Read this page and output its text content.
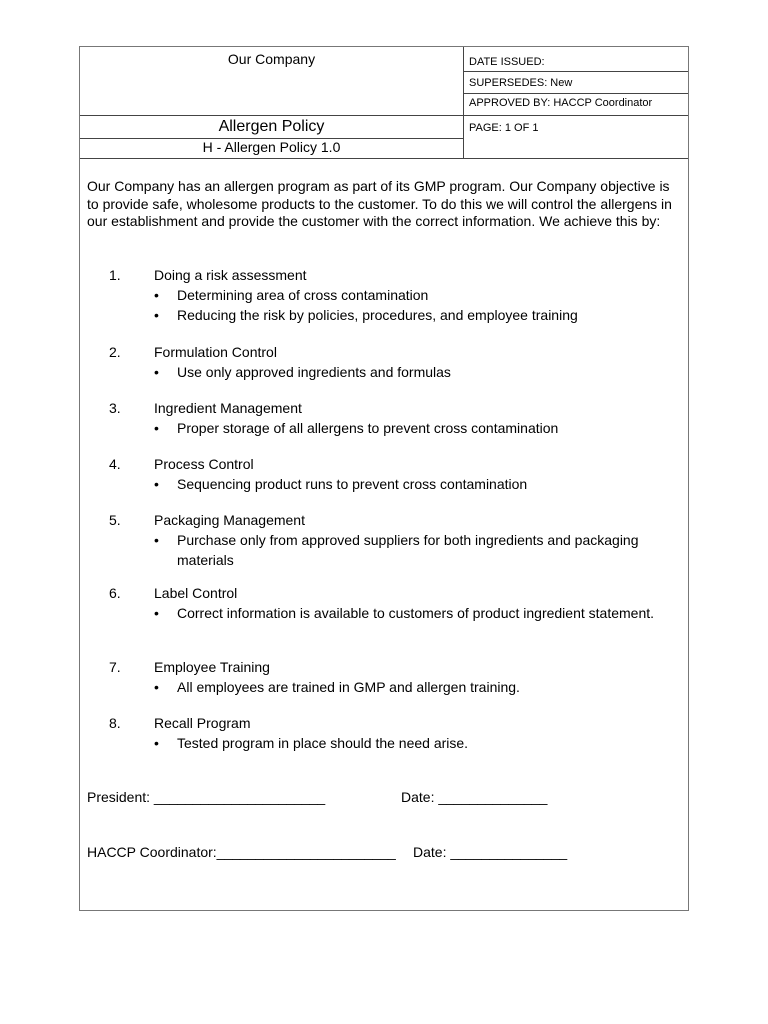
Our Company
Allergen Policy
H - Allergen Policy 1.0
DATE ISSUED:
SUPERSEDES: New
APPROVED BY: HACCP Coordinator
PAGE: 1 OF 1
Our Company has an allergen program as part of its GMP program. Our Company objective is to provide safe, wholesome products to the customer. To do this we will control the allergens in our establishment and provide the customer with the correct information. We achieve this by:
1. Doing a risk assessment
• Determining area of cross contamination
• Reducing the risk by policies, procedures, and employee training
2. Formulation Control
• Use only approved ingredients and formulas
3. Ingredient Management
• Proper storage of all allergens to prevent cross contamination
4. Process Control
• Sequencing product runs to prevent cross contamination
5. Packaging Management
• Purchase only from approved suppliers for both ingredients and packaging materials
6. Label Control
• Correct information is available to customers of product ingredient statement.
7. Employee Training
• All employees are trained in GMP and allergen training.
8. Recall Program
• Tested program in place should the need arise.
President: ______________________	Date: ______________
HACCP Coordinator:_______________________ Date: _______________
